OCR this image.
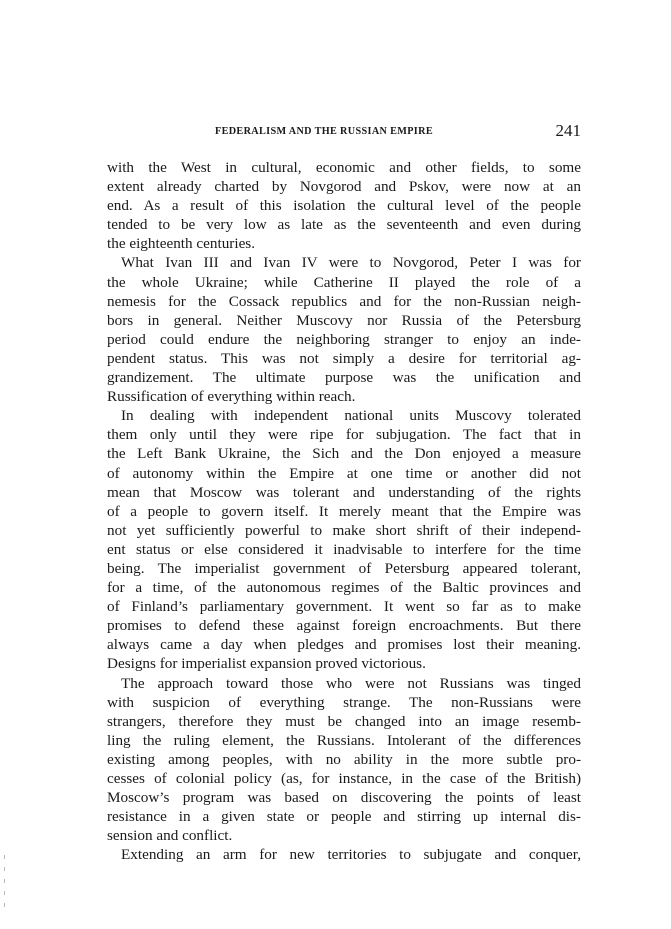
FEDERALISM AND THE RUSSIAN EMPIRE	241
with the West in cultural, economic and other fields, to some
extent already charted by Novgorod and Pskov, were now at an
end. As a result of this isolation the cultural level of the people
tended to be very low as late as the seventeenth and even during
the eighteenth centuries.
What Ivan III and Ivan IV were to Novgorod, Peter I was for
the whole Ukraine; while Catherine II played the role of a
nemesis for the Cossack republics and for the non-Russian neigh-
bors in general. Neither Muscovy nor Russia of the Petersburg
period could endure the neighboring stranger to enjoy an inde-
pendent status. This was not simply a desire for territorial ag-
grandizement. The ultimate purpose was the unification and
Russification of everything within reach.
In dealing with independent national units Muscovy tolerated
them only until they were ripe for subjugation. The fact that in
the Left Bank Ukraine, the Sich and the Don enjoyed a measure
of autonomy within the Empire at one time or another did not
mean that Moscow was tolerant and understanding of the rights
of a people to govern itself. It merely meant that the Empire was
not yet sufficiently powerful to make short shrift of their independ-
ent status or else considered it inadvisable to interfere for the time
being. The imperialist government of Petersburg appeared tolerant,
for a time, of the autonomous regimes of the Baltic provinces and
of Finland’s parliamentary government. It went so far as to make
promises to defend these against foreign encroachments. But there
always came a day when pledges and promises lost their meaning.
Designs for imperialist expansion proved victorious.
The approach toward those who were not Russians was tinged
with suspicion of everything strange. The non-Russians were
strangers, therefore they must be changed into an image resemb-
ling the ruling element, the Russians. Intolerant of the differences
existing among peoples, with no ability in the more subtle pro-
cesses of colonial policy (as, for instance, in the case of the British)
Moscow’s program was based on discovering the points of least
resistance in a given state or people and stirring up internal dis-
sension and conflict.
Extending an arm for new territories to subjugate and conquer,
